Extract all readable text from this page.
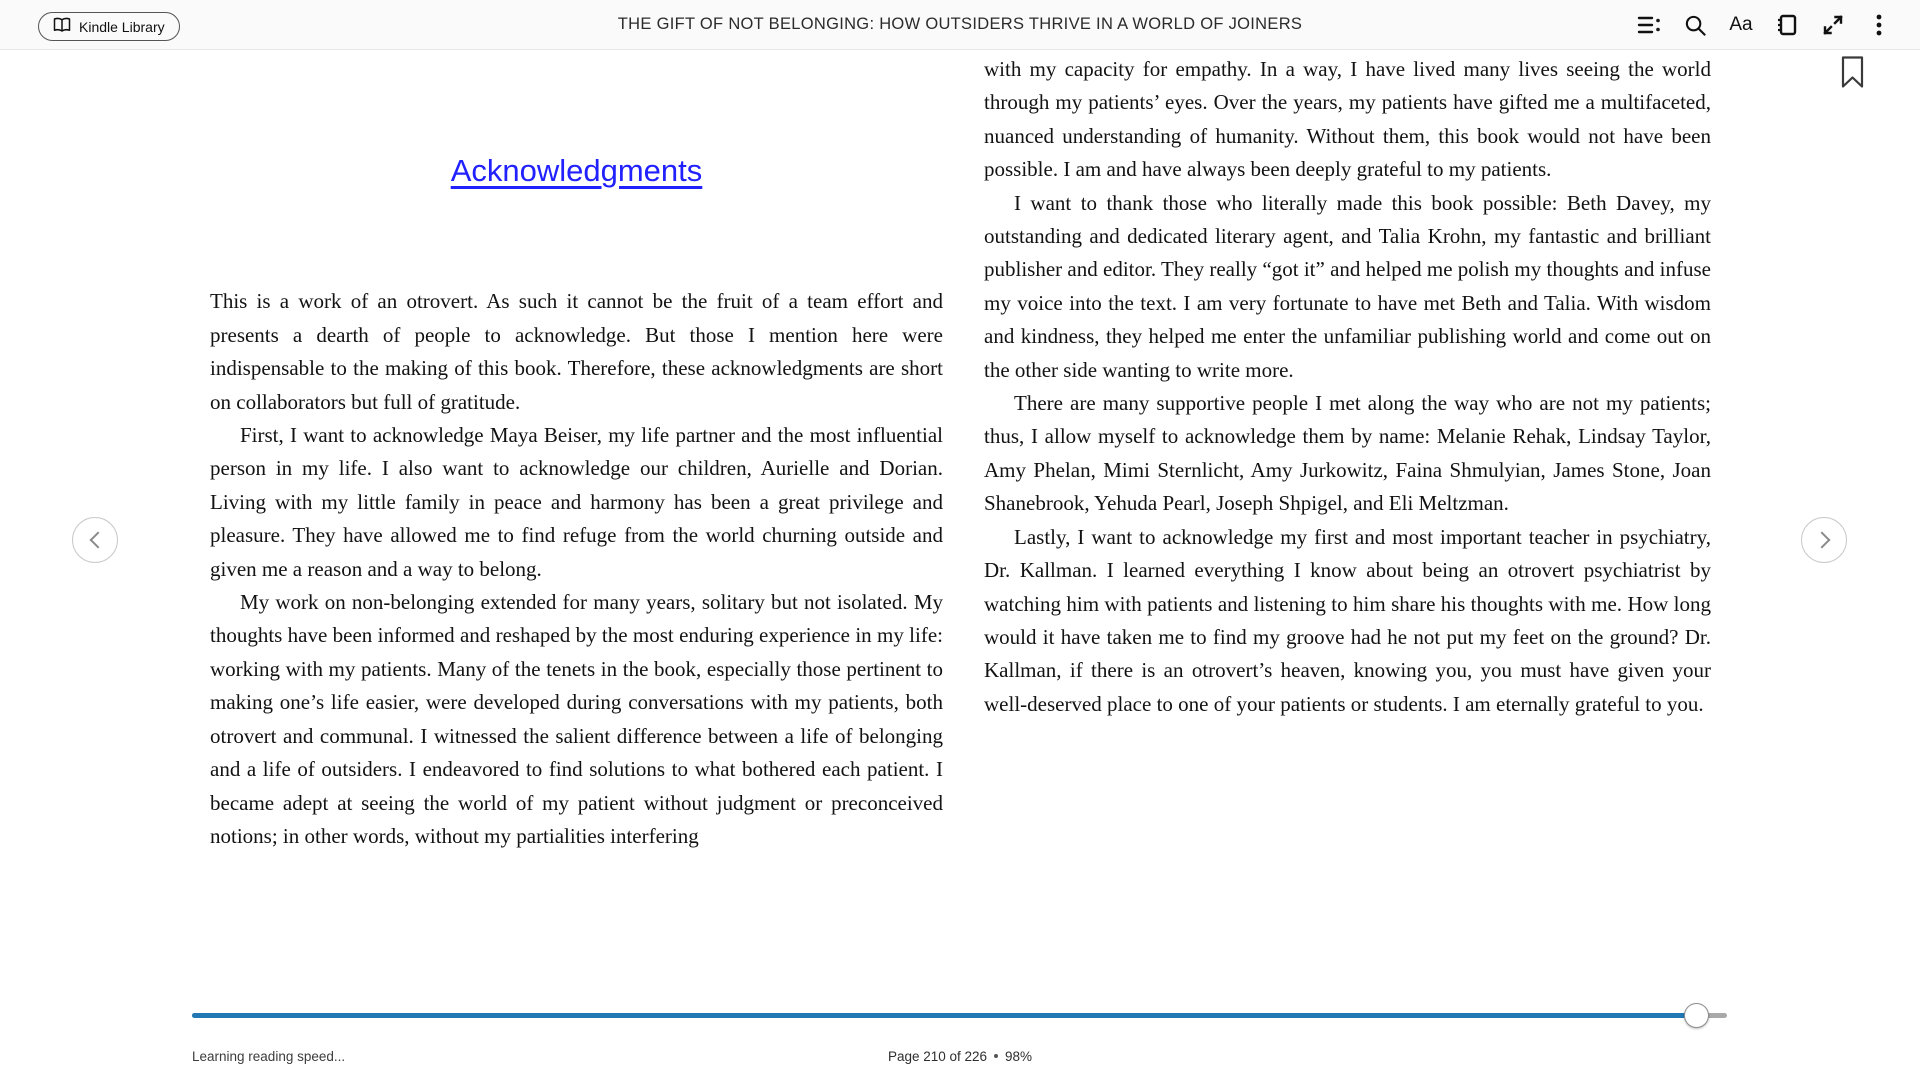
Kindle Library	THE GIFT OF NOT BELONGING: HOW OUTSIDERS THRIVE IN A WORLD OF JOINERS	Aa
Acknowledgments

This is a work of an otrovert. As such it cannot be the fruit of a team effort and presents a dearth of people to acknowledge. But those I mention here were indispensable to the making of this book. Therefore, these acknowledgments are short on collaborators but full of gratitude.

First, I want to acknowledge Maya Beiser, my life partner and the most influential person in my life. I also want to acknowledge our children, Aurielle and Dorian. Living with my little family in peace and harmony has been a great privilege and pleasure. They have allowed me to find refuge from the world churning outside and given me a reason and a way to belong.

My work on non-belonging extended for many years, solitary but not isolated. My thoughts have been informed and reshaped by the most enduring experience in my life: working with my patients. Many of the tenets in the book, especially those pertinent to making one’s life easier, were developed during conversations with my patients, both otrovert and communal. I witnessed the salient difference between a life of belonging and a life of outsiders. I endeavored to find solutions to what bothered each patient. I became adept at seeing the world of my patient without judgment or preconceived notions; in other words, without my partialities interfering

with my capacity for empathy. In a way, I have lived many lives seeing the world through my patients’ eyes. Over the years, my patients have gifted me a multifaceted, nuanced understanding of humanity. Without them, this book would not have been possible. I am and have always been deeply grateful to my patients.

I want to thank those who literally made this book possible: Beth Davey, my outstanding and dedicated literary agent, and Talia Krohn, my fantastic and brilliant publisher and editor. They really “got it” and helped me polish my thoughts and infuse my voice into the text. I am very fortunate to have met Beth and Talia. With wisdom and kindness, they helped me enter the unfamiliar publishing world and come out on the other side wanting to write more.

There are many supportive people I met along the way who are not my patients; thus, I allow myself to acknowledge them by name: Melanie Rehak, Lindsay Taylor, Amy Phelan, Mimi Sternlicht, Amy Jurkowitz, Faina Shmulyian, James Stone, Joan Shanebrook, Yehuda Pearl, Joseph Shpigel, and Eli Meltzman.

Lastly, I want to acknowledge my first and most important teacher in psychiatry, Dr. Kallman. I learned everything I know about being an otrovert psychiatrist by watching him with patients and listening to him share his thoughts with me. How long would it have taken me to find my groove had he not put my feet on the ground? Dr. Kallman, if there is an otrovert’s heaven, knowing you, you must have given your well-deserved place to one of your patients or students. I am eternally grateful to you.

Learning reading speed...	Page 210 of 226 98%
